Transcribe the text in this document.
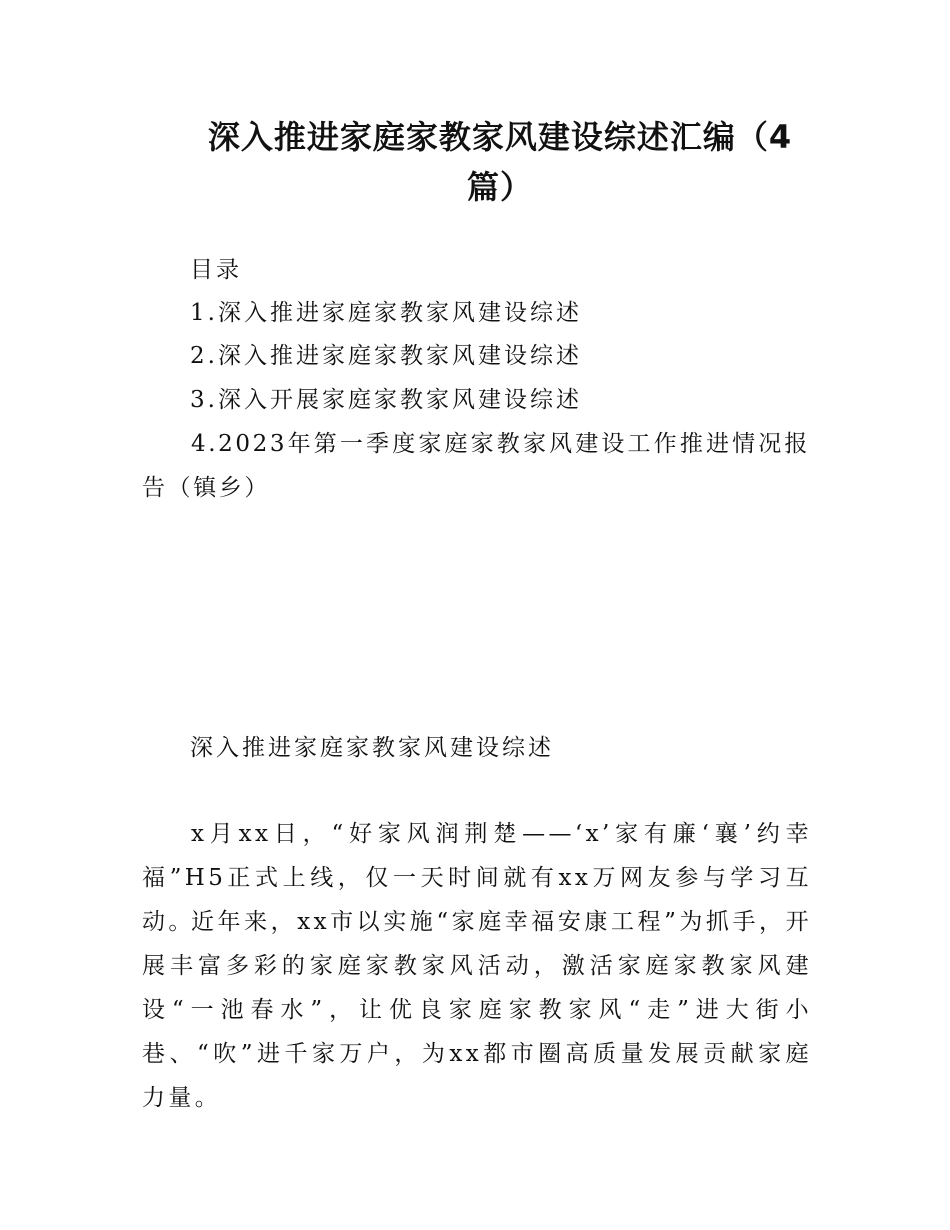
深入推进家庭家教家风建设综述汇编（4篇）

目录

1.深入推进家庭家教家风建设综述

2.深入推进家庭家教家风建设综述

3.深入开展家庭家教家风建设综述

4.2023年第一季度家庭家教家风建设工作推进情况报告（镇乡）

深入推进家庭家教家风建设综述

x月xx日，“好家风润荆楚——‘x’家有廉‘襄’约幸福”H5正式上线，仅一天时间就有xx万网友参与学习互动。

近年来，xx市以实施“家庭幸福安康工程”为抓手，开展丰富多彩的家庭家教家风活动，激活家庭家教家风建设“一池春水”，让优良家庭家教家风“走”进大街小巷、“吹”进千家万户，为xx都市圈高质量发展贡献家庭力量。
